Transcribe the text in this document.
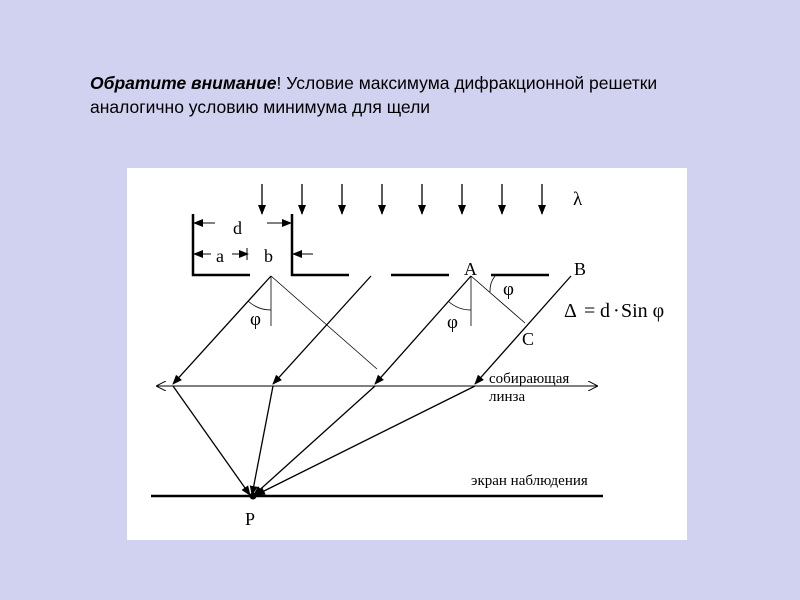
Обратите внимание! Условие максимума дифракционной решетки аналогично условию минимума для щели
λ
d
a b
собирающая
линза
экран наблюдения
P
A	B
C
φ	φ
φ
Δ = d · Sin φ
